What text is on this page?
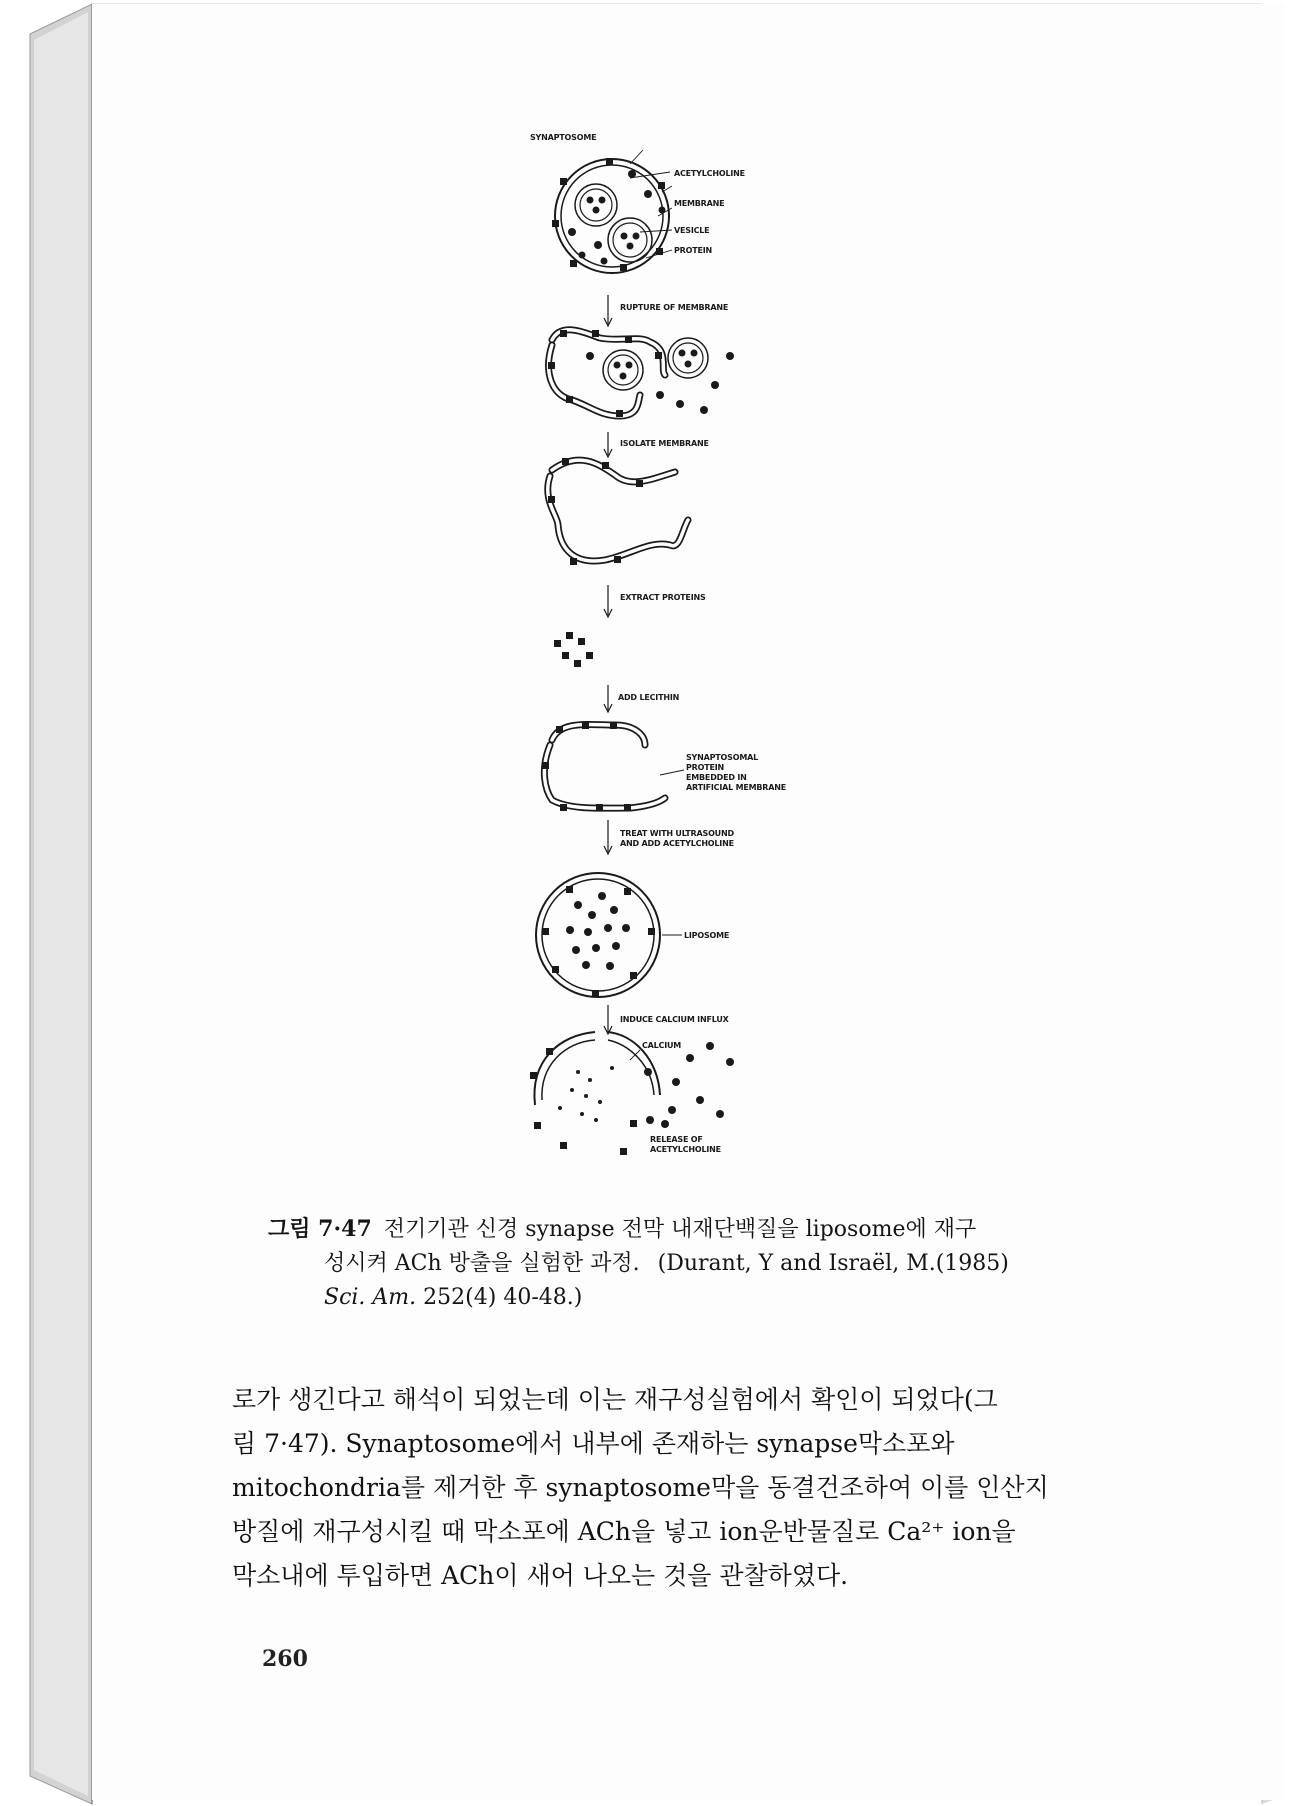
SYNAPTOSOME
ACETYLCHOLINE
MEMBRANE
VESICLE
PROTEIN
RUPTURE OF MEMBRANE
ISOLATE MEMBRANE
EXTRACT PROTEINS
ADD LECITHIN
SYNAPTOSOMAL
PROTEIN
EMBEDDED IN
ARTIFICIAL MEMBRANE
TREAT WITH ULTRASOUND
AND ADD ACETYLCHOLINE
LIPOSOME
INDUCE CALCIUM INFLUX
CALCIUM
RELEASE OF
ACETYLCHOLINE
그림 7·47 전기기관 신경 synapse 전막 내재단백질을 liposome에 재구
성시켜 ACh 방출을 실험한 과정. (Durant, Y and Israël, M.(1985)
Sci. Am. 252(4) 40-48.)

로가 생긴다고 해석이 되었는데 이는 재구성실험에서 확인이 되었다(그

림 7·47). Synaptosome에서 내부에 존재하는 synapse막소포와

mitochondria를 제거한 후 synaptosome막을 동결건조하여 이를 인산지

방질에 재구성시킬 때 막소포에 ACh을 넣고 ion운반물질로 Ca²⁺ ion을

막소내에 투입하면 ACh이 새어 나오는 것을 관찰하였다.

260
